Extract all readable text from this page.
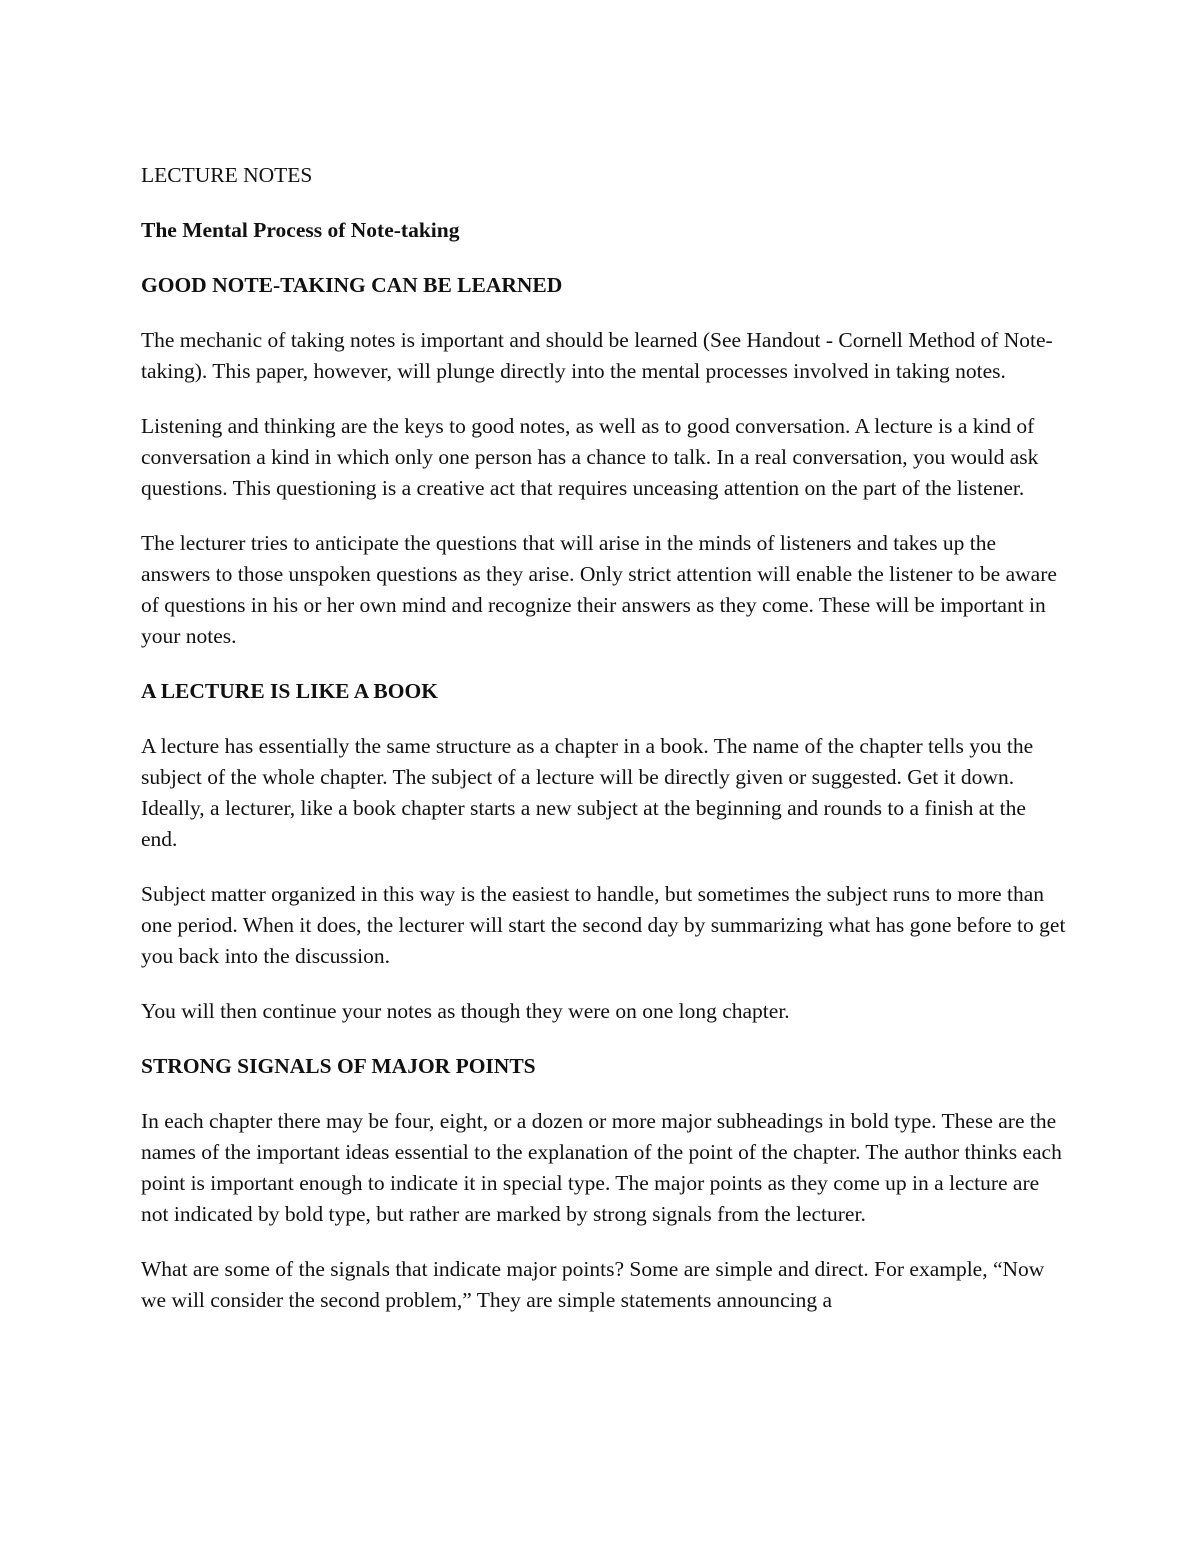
LECTURE NOTES

The Mental Process of Note-taking

GOOD NOTE-TAKING CAN BE LEARNED

The mechanic of taking notes is important and should be learned (See Handout - Cornell Method of Note-taking). This paper, however, will plunge directly into the mental processes involved in taking notes.

Listening and thinking are the keys to good notes, as well as to good conversation. A lecture is a kind of conversation a kind in which only one person has a chance to talk. In a real conversation, you would ask questions. This questioning is a creative act that requires unceasing attention on the part of the listener.

The lecturer tries to anticipate the questions that will arise in the minds of listeners and takes up the answers to those unspoken questions as they arise. Only strict attention will enable the listener to be aware of questions in his or her own mind and recognize their answers as they come. These will be important in your notes.

A LECTURE IS LIKE A BOOK

A lecture has essentially the same structure as a chapter in a book. The name of the chapter tells you the subject of the whole chapter. The subject of a lecture will be directly given or suggested. Get it down. Ideally, a lecturer, like a book chapter starts a new subject at the beginning and rounds to a finish at the end.

Subject matter organized in this way is the easiest to handle, but sometimes the subject runs to more than one period. When it does, the lecturer will start the second day by summarizing what has gone before to get you back into the discussion.

You will then continue your notes as though they were on one long chapter.

STRONG SIGNALS OF MAJOR POINTS

In each chapter there may be four, eight, or a dozen or more major subheadings in bold type. These are the names of the important ideas essential to the explanation of the point of the chapter. The author thinks each point is important enough to indicate it in special type. The major points as they come up in a lecture are not indicated by bold type, but rather are marked by strong signals from the lecturer.

What are some of the signals that indicate major points? Some are simple and direct. For example, “Now we will consider the second problem,” They are simple statements announcing a
